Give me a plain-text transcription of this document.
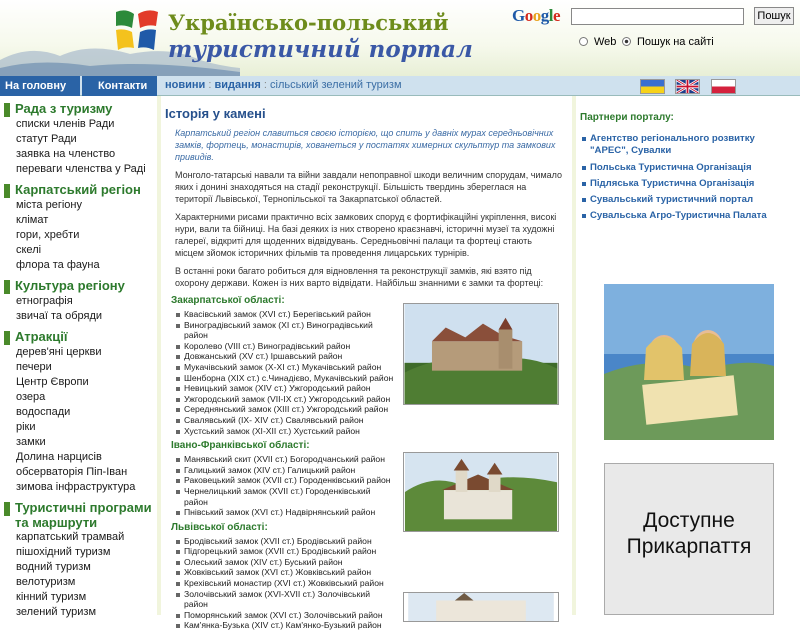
Українсько-польський
туристичний портал
Google	Пошук
Web	Пошук на сайті
На головну	Контакти	новини : видання : сільський зелений туризм
Рада з туризму
списки членів Ради
статут Ради
заявка на членство
переваги членства у Раді
Карпатський регіон
міста регіону
клімат
гори, хребти
скелі
флора та фауна
Культура регіону
етнографія
звичаї та обряди
Атракції
дерев'яні церкви
печери
Центр Європи
озера
водоспади
ріки
замки
Долина нарцисів
обсерваторія Піп-Іван
зимова інфраструктура
Туристичні програми та маршрути
карпатський трамвай
пішохідний туризм
водний туризм
велотуризм
кінний туризм
зелений туризм
Історія у камені
Карпатський регіон славиться своєю історією, що спить у давніх мурах середньовічних замків, фортець, монастирів, хованеться у постатях химерних скульптур та замкових привидів.
Монголо-татарські навали та війни завдали непоправної шкоди величним спорудам, чимало яких і донині знаходяться на стадії реконструкції. Більшість твердинь збереглася на території Львівської, Тернопільської та Закарпатської областей.
Характерними рисами практично всіх замкових споруд є фортифікаційні укріплення, високі нури, вали та бійниці. На базі деяких із них створено краєзнавчі, історичні музеї та художні галереї, відкриті для щоденних відвідувань. Середньовічні палаци та фортеці стають місцем зйомок історичних фільмів та проведення лицарських турнірів.
В останні роки багато робиться для відновлення та реконструкції замків, які взято під охорону держави. Кожен із них варто відвідати. Найбільш знанними є замки та фортеці:
Закарпатської області:
Квасівський замок (XVI ст.) Берегівський район
Виноградівський замок (XI ст.) Виноградівський район
Королево (VIII ст.) Виноградівський район
Довжанський (XV ст.) Іршавський район
Мукачівський замок (X-XI ст.) Мукачівський район
Шенборна (XIX ст.) с.Чинадієво, Мукачівський район
Невицький замок (XIV ст.) Ужгородський район
Ужгородський замок (VII-IX ст.) Ужгородський район
Середнянський замок (XIII ст.) Ужгородський район
Свалявський (IX- XIV ст.) Свалявський район
Хустський замок (XI-XII ст.) Хустський район
Івано-Франківської області:
Манявський скит (XVII ст.) Богородчанський район
Галицький замок (XIV ст.) Галицький район
Раковецький замок (XVII ст.) Городенківський район
Чернелицький замок (XVII ст.) Городенківський район
Пнівський замок (XVI ст.) Надвірнянський район
Львівської області:
Бродівський замок (XVII ст.) Бродівський район
Підгорецький замок (XVII ст.) Бродівський район
Олеський замок (XIV ст.) Буський район
Жовківський замок (XVI ст.) Жовківський район
Крехівський монастир (XVI ст.) Жовківський район
Золочівський замок (XVI-XVII ст.) Золочівський район
Поморянський замок (XVI ст.) Золочівський район
Кам'янка-Бузька (XIV ст.) Кам'янко-Бузький район
Партнери порталу:
Агентство регіонального розвитку "АРЕС", Сувалки
Польська Туристична Організація
Підляська Туристична Організація
Сувальський туристичний портал
Сувальська Агро-Туристична Палата
Доступне
Прикарпаття
